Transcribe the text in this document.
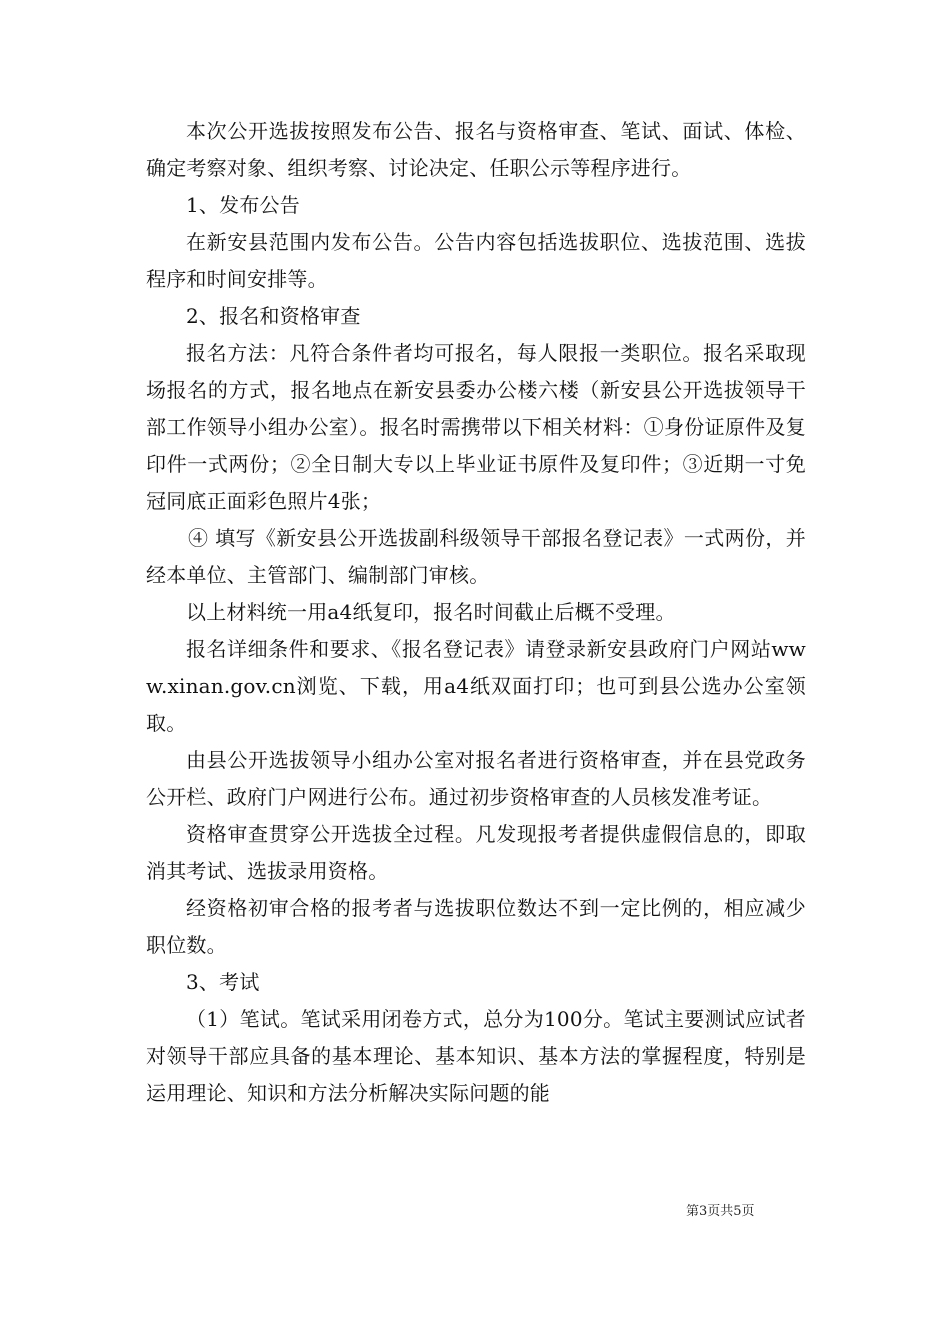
本次公开选拔按照发布公告、报名与资格审查、笔试、面试、体检、确定考察对象、组织考察、讨论决定、任职公示等程序进行。

1、发布公告

在新安县范围内发布公告。公告内容包括选拔职位、选拔范围、选拔程序和时间安排等。

2、报名和资格审查

报名方法：凡符合条件者均可报名，每人限报一类职位。报名采取现场报名的方式，报名地点在新安县委办公楼六楼（新安县公开选拔领导干部工作领导小组办公室）。报名时需携带以下相关材料：①身份证原件及复印件一式两份；②全日制大专以上毕业证书原件及复印件；③近期一寸免冠同底正面彩色照片4张；

④ 填写《新安县公开选拔副科级领导干部报名登记表》一式两份，并经本单位、主管部门、编制部门审核。

以上材料统一用a4纸复印，报名时间截止后概不受理。

报名详细条件和要求、《报名登记表》请登录新安县政府门户网站www.xinan.gov.cn浏览、下载，用a4纸双面打印；也可到县公选办公室领取。

由县公开选拔领导小组办公室对报名者进行资格审查，并在县党政务公开栏、政府门户网进行公布。通过初步资格审查的人员核发准考证。

资格审查贯穿公开选拔全过程。凡发现报考者提供虚假信息的，即取消其考试、选拔录用资格。

经资格初审合格的报考者与选拔职位数达不到一定比例的，相应减少职位数。

3、考试

（1）笔试。笔试采用闭卷方式，总分为100分。笔试主要测试应试者对领导干部应具备的基本理论、基本知识、基本方法的掌握程度，特别是运用理论、知识和方法分析解决实际问题的能

第3页共5页
